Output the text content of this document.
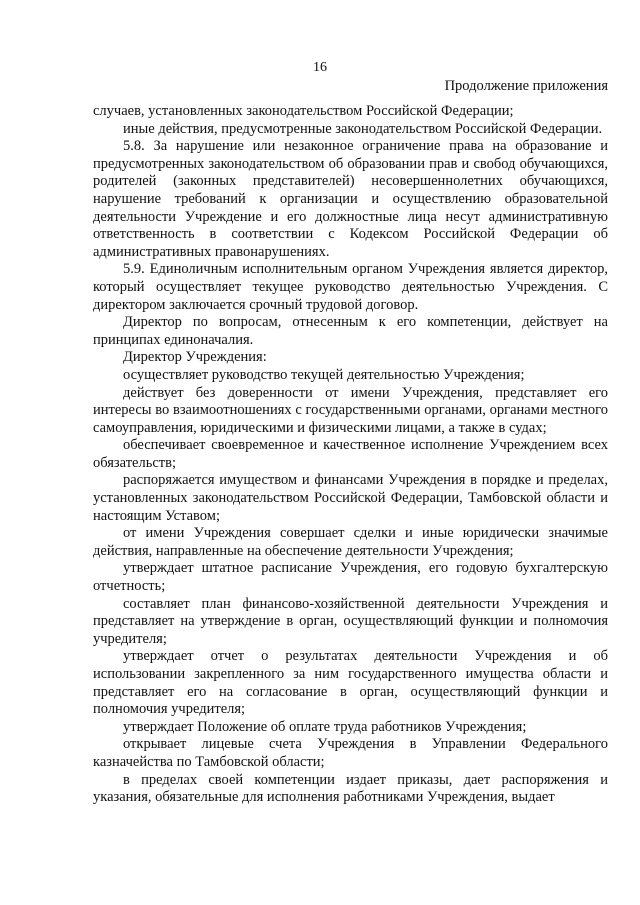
16
Продолжение приложения

случаев, установленных законодательством Российской Федерации;

иные действия, предусмотренные законодательством Российской Федерации.

5.8. За нарушение или незаконное ограничение права на образование и предусмотренных законодательством об образовании прав и свобод обучающихся, родителей (законных представителей) несовершеннолетних обучающихся, нарушение требований к организации и осуществлению образовательной деятельности Учреждение и его должностные лица несут административную ответственность в соответствии с Кодексом Российской Федерации об административных правонарушениях.

5.9. Единоличным исполнительным органом Учреждения является директор, который осуществляет текущее руководство деятельностью Учреждения. С директором заключается срочный трудовой договор.

Директор по вопросам, отнесенным к его компетенции, действует на принципах единоначалия.

Директор Учреждения:

осуществляет руководство текущей деятельностью Учреждения;

действует без доверенности от имени Учреждения, представляет его интересы во взаимоотношениях с государственными органами, органами местного самоуправления, юридическими и физическими лицами, а также в судах;

обеспечивает своевременное и качественное исполнение Учреждением всех обязательств;

распоряжается имуществом и финансами Учреждения в порядке и пределах, установленных законодательством Российской Федерации, Тамбовской области и настоящим Уставом;

от имени Учреждения совершает сделки и иные юридически значимые действия, направленные на обеспечение деятельности Учреждения;

утверждает штатное расписание Учреждения, его годовую бухгалтерскую отчетность;

составляет план финансово-хозяйственной деятельности Учреждения и представляет на утверждение в орган, осуществляющий функции и полномочия учредителя;

утверждает отчет о результатах деятельности Учреждения и об использовании закрепленного за ним государственного имущества области и представляет его на согласование в орган, осуществляющий функции и полномочия учредителя;

утверждает Положение об оплате труда работников Учреждения;

открывает лицевые счета Учреждения в Управлении Федерального казначейства по Тамбовской области;

в пределах своей компетенции издает приказы, дает распоряжения и указания, обязательные для исполнения работниками Учреждения, выдает
